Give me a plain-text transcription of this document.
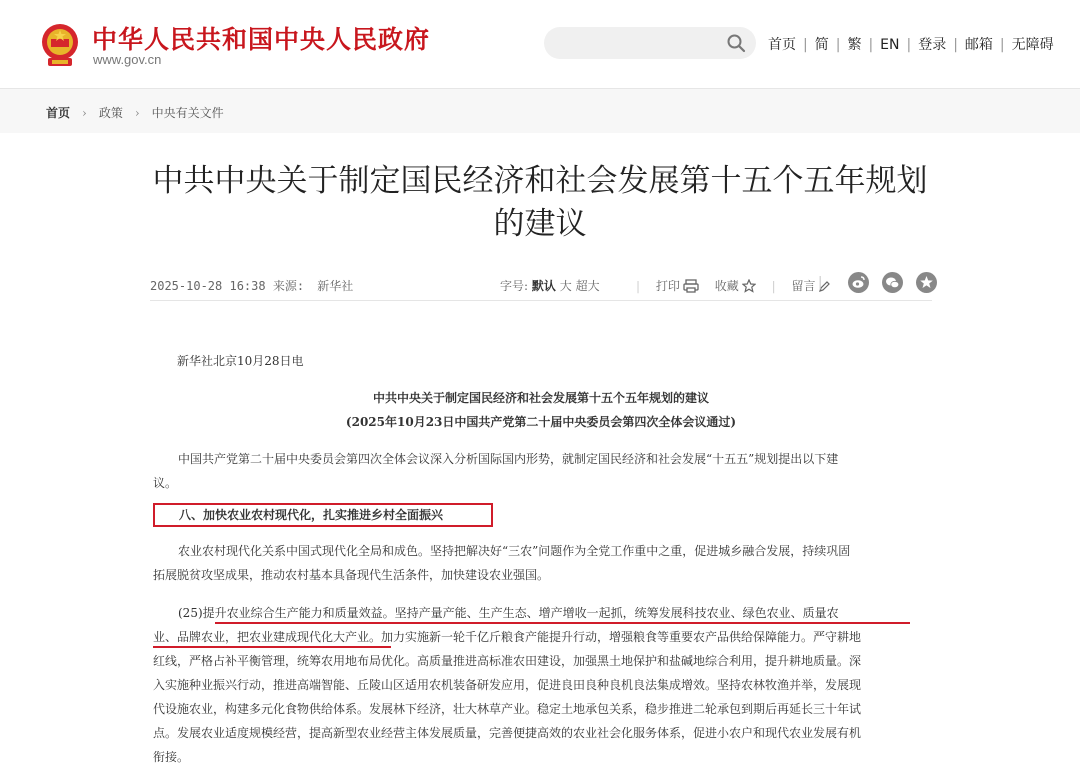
中华人民共和国中央人民政府
www.gov.cn
首页 | 简 | 繁 | EN | 登录 | 邮箱 | 无障碍
首页 › 政策 › 中央有关文件
中共中央关于制定国民经济和社会发展第十五个五年规划
的建议
2025-10-28 16:38 来源: 新华社	字号: 默认 大 超大	| 打印	收藏	| 留言 |

新华社北京10月28日电
中共中央关于制定国民经济和社会发展第十五个五年规划的建议
(2025年10月23日中国共产党第二十届中央委员会第四次全体会议通过)
中国共产党第二十届中央委员会第四次全体会议深入分析国际国内形势，就制定国民经济和社会发展“十五五”规划提出以下建
议。
八、加快农业农村现代化，扎实推进乡村全面振兴
农业农村现代化关系中国式现代化全局和成色。坚持把解决好“三农”问题作为全党工作重中之重，促进城乡融合发展，持续巩固
拓展脱贫攻坚成果，推动农村基本具备现代生活条件，加快建设农业强国。
(25)提升农业综合生产能力和质量效益。坚持产量产能、生产生态、增产增收一起抓，统筹发展科技农业、绿色农业、质量农
业、品牌农业，把农业建成现代化大产业。加力实施新一轮千亿斤粮食产能提升行动，增强粮食等重要农产品供给保障能力。严守耕地
红线，严格占补平衡管理，统筹农用地布局优化。高质量推进高标准农田建设，加强黑土地保护和盐碱地综合利用，提升耕地质量。深
入实施种业振兴行动，推进高端智能、丘陵山区适用农机装备研发应用，促进良田良种良机良法集成增效。坚持农林牧渔并举，发展现
代设施农业，构建多元化食物供给体系。发展林下经济，壮大林草产业。稳定土地承包关系，稳步推进二轮承包到期后再延长三十年试
点。发展农业适度规模经营，提高新型农业经营主体发展质量，完善便捷高效的农业社会化服务体系，促进小农户和现代农业发展有机
衔接。
